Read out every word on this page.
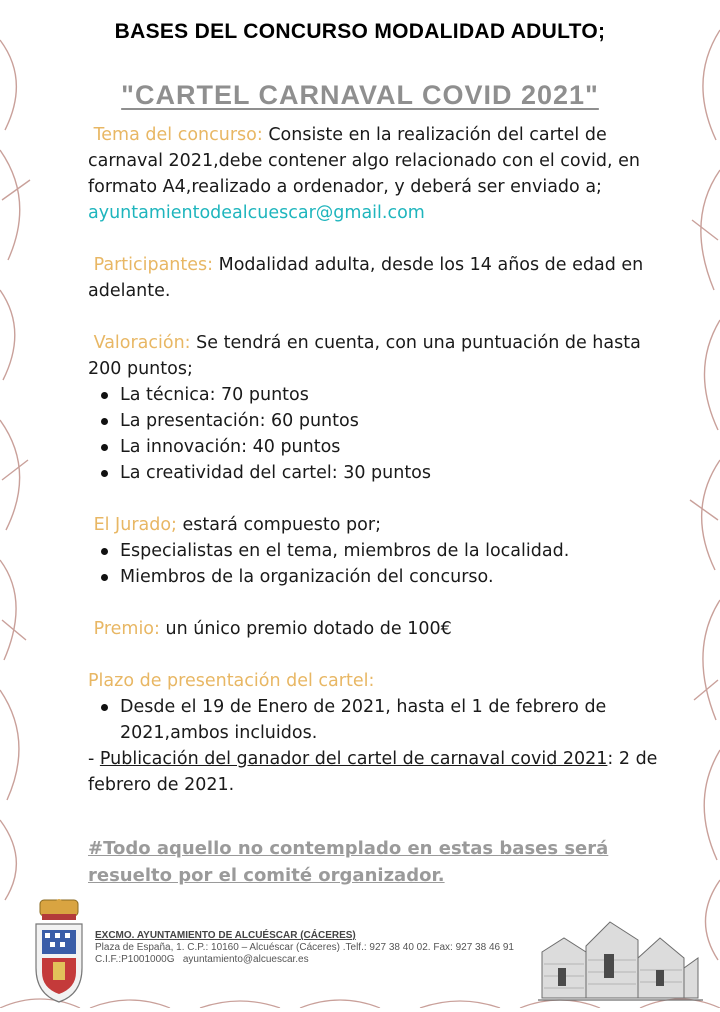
BASES DEL CONCURSO MODALIDAD ADULTO;
"CARTEL CARNAVAL COVID 2021"

Tema del concurso: Consiste en la realización del cartel de carnaval 2021,debe contener algo relacionado con el covid, en formato A4,realizado a ordenador, y deberá ser enviado a; ayuntamientodealcuescar@gmail.com

Participantes: Modalidad adulta, desde los 14 años de edad en adelante.

Valoración: Se tendrá en cuenta, con una puntuación de hasta 200 puntos;

La técnica: 70 puntos
La presentación: 60 puntos
La innovación: 40 puntos
La creatividad del cartel: 30 puntos

El Jurado; estará compuesto por;

Especialistas en el tema, miembros de la localidad.
Miembros de la organización del concurso.

Premio: un único premio dotado de 100€

Plazo de presentación del cartel:

Desde el 19 de Enero de 2021, hasta el 1 de febrero de 2021,ambos incluidos.

- Publicación del ganador del cartel de carnaval covid 2021: 2 de febrero de 2021.

#Todo aquello no contemplado en estas bases será resuelto por el comité organizador.
EXCMO. AYUNTAMIENTO DE ALCUÉSCAR (CÁCERES)
Plaza de España, 1. C.P.: 10160 – Alcuéscar (Cáceres) .Telf.: 927 38 40 02. Fax: 927 38 46 91
C.I.F.:P1001000G ayuntamiento@alcuescar.es
